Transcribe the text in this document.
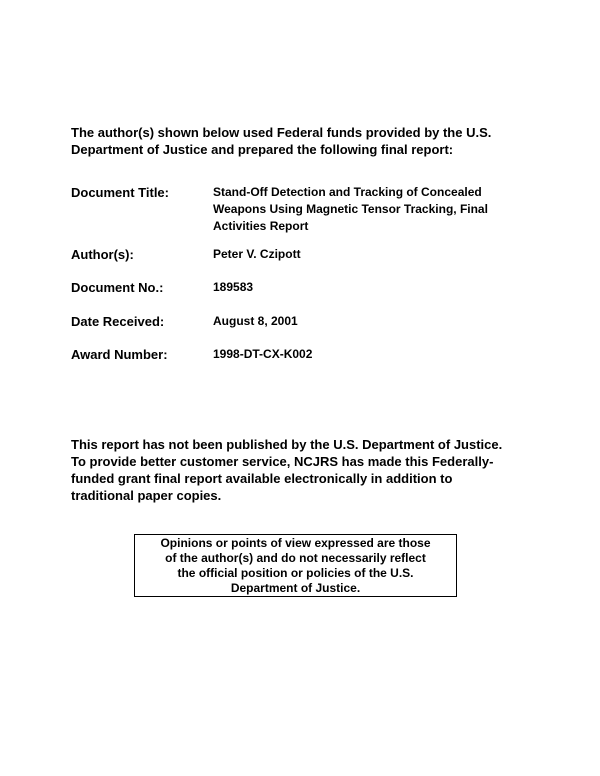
The author(s) shown below used Federal funds provided by the U.S.
Department of Justice and prepared the following final report:
Document Title:	Stand-Off Detection and Tracking of Concealed
Weapons Using Magnetic Tensor Tracking, Final
Activities Report
Author(s):	Peter V. Czipott
Document No.:	189583
Date Received:	August 8, 2001
Award Number:	1998-DT-CX-K002
This report has not been published by the U.S. Department of Justice.
To provide better customer service, NCJRS has made this Federally-
funded grant final report available electronically in addition to
traditional paper copies.
Opinions or points of view expressed are those
of the author(s) and do not necessarily reflect
the official position or policies of the U.S.
Department of Justice.
